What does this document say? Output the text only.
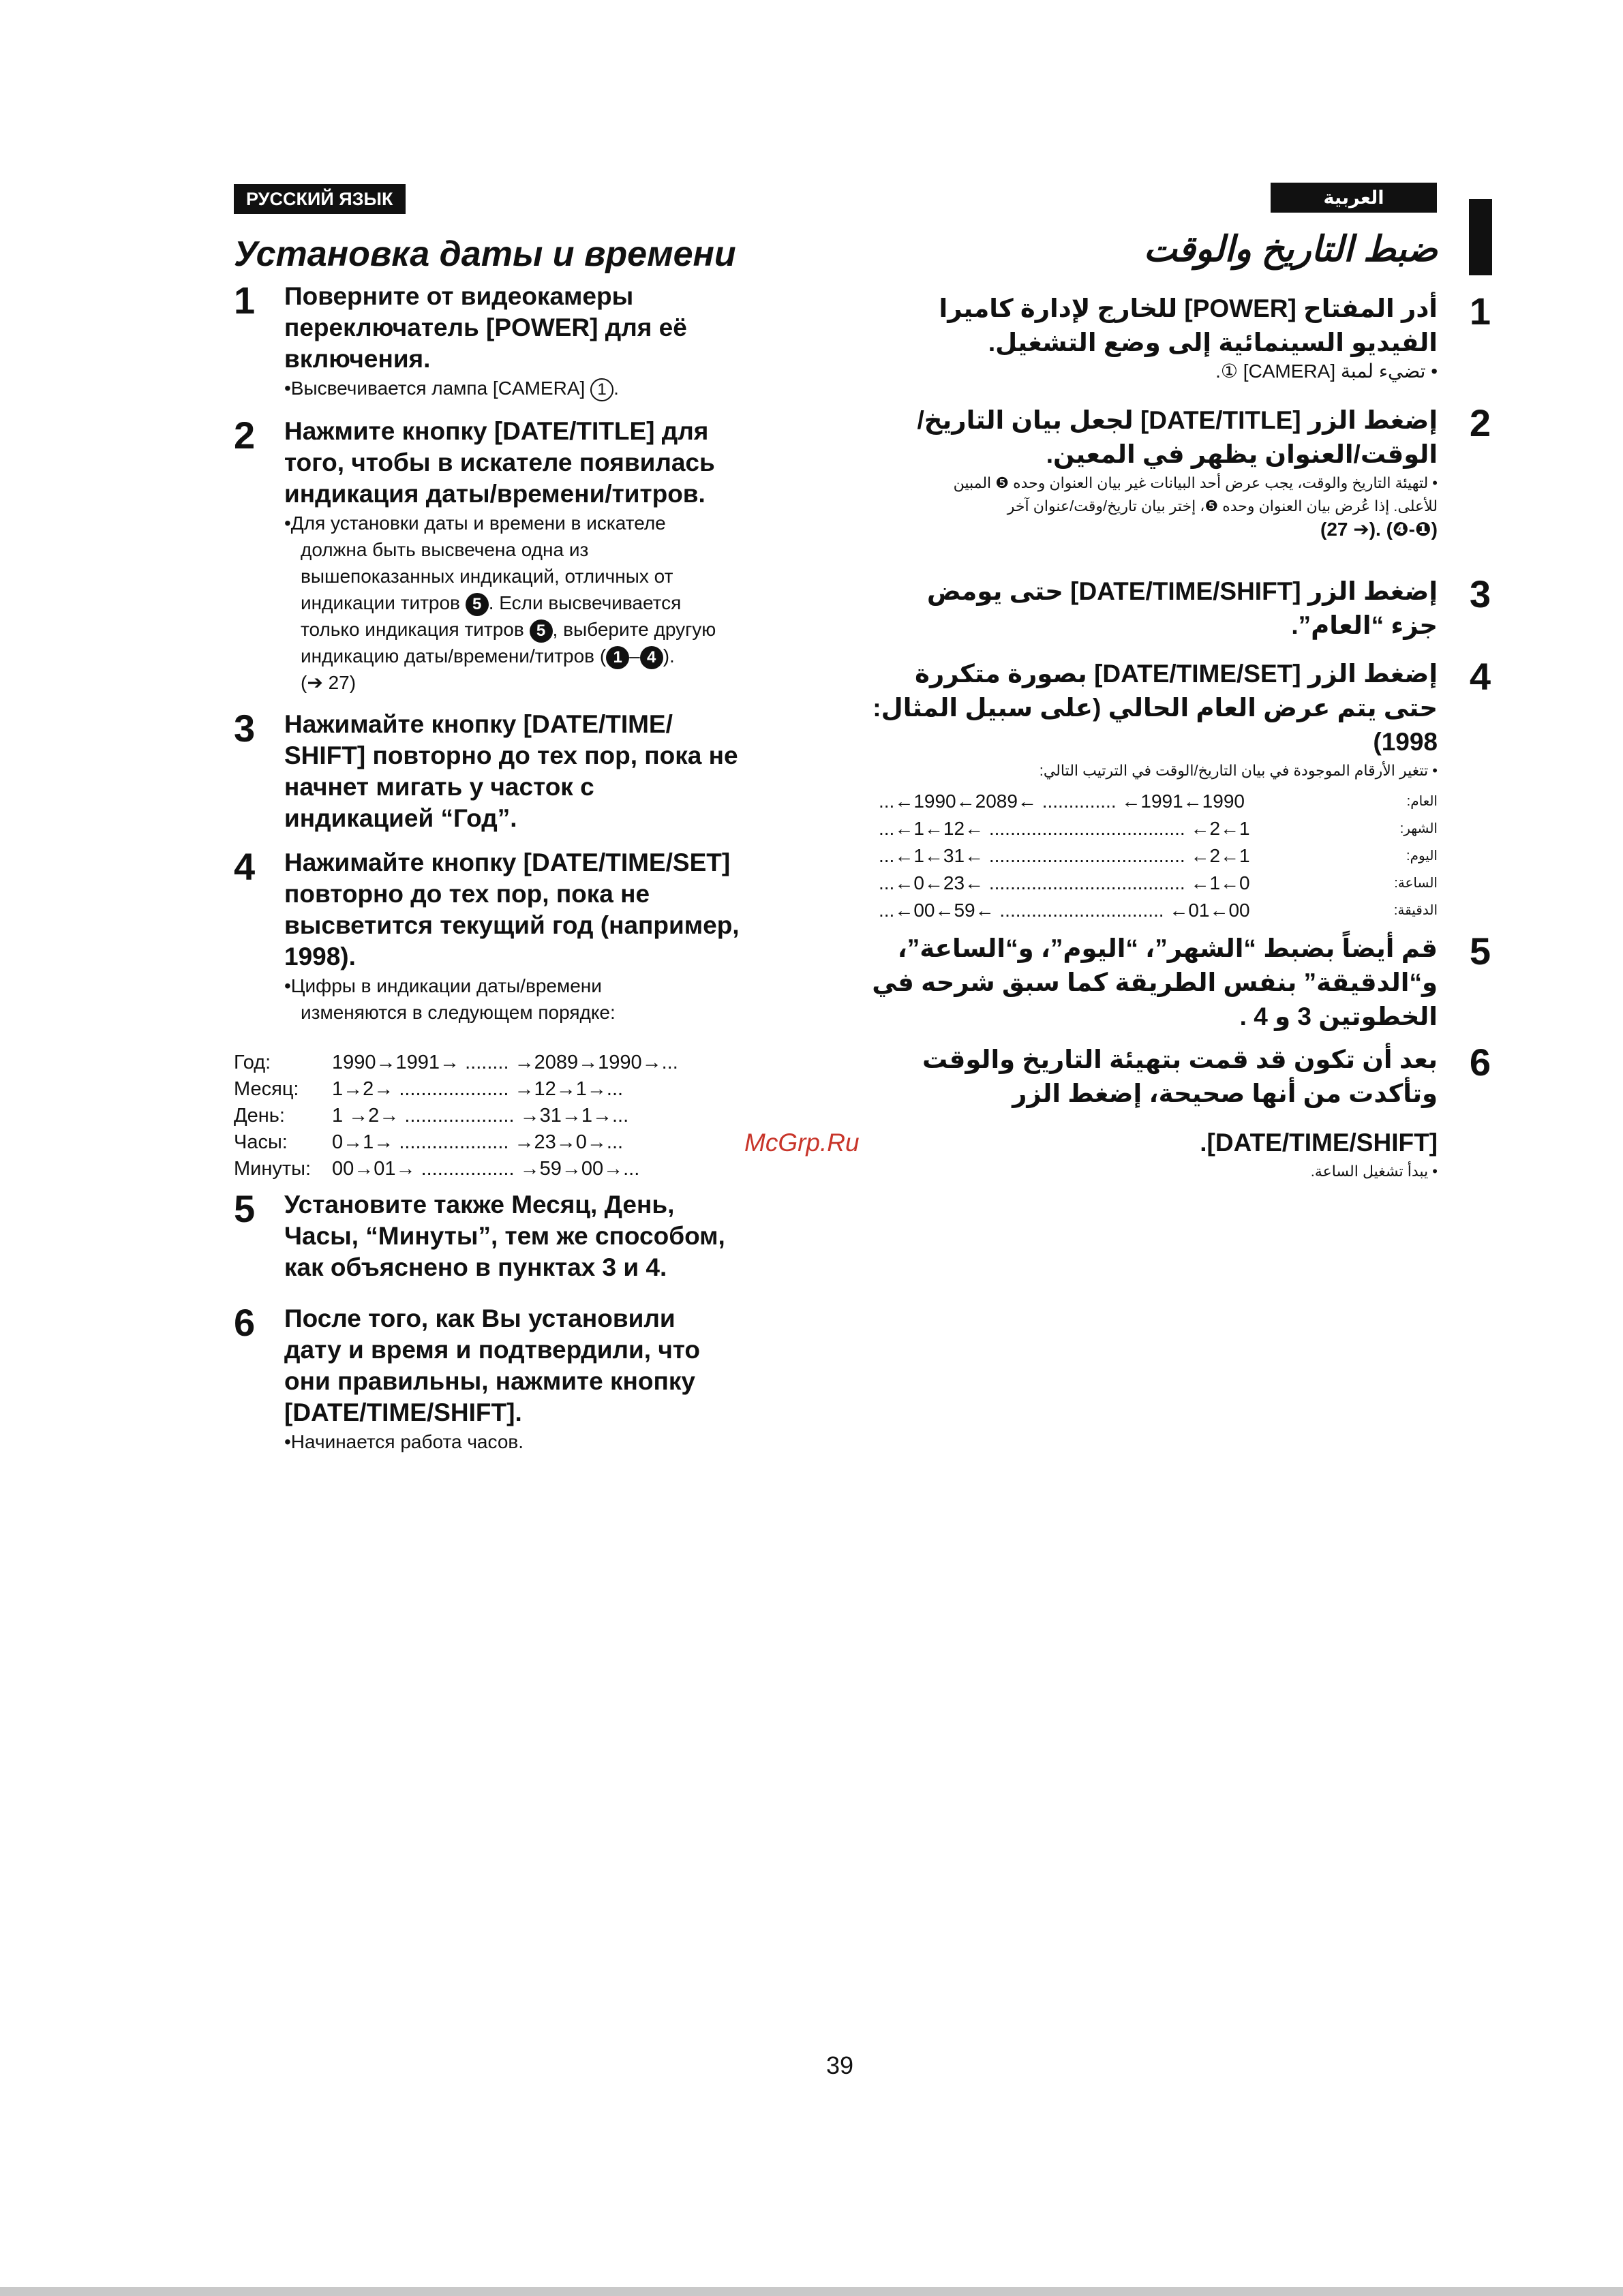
РУССКИЙ ЯЗЫК	العربية
Установка даты и времени	ضبط التاريخ والوقت
1 Поверните от видеокамеры
переключатель [POWER] для её
включения.
•Высвечивается лампа [CAMERA] 1 .
2 Нажмите кнопку [DATE/TITLE] для
того, чтобы в искателе появилась
индикация даты/времени/титров.
•Для установки даты и времени в искателе
должна быть высвечена одна из
вышепоказанных индикаций, отличных от
индикации титров 5 . Если высвечивается
только индикация титров 5 , выберите другую
индикацию даты/времени/титров ( 1 – 4 ).
(➔ 27)
3 Нажимайте кнопку [DATE/TIME/
SHIFT] повторно до тех пор, пока не
начнет мигать у часток с
индикацией “Год”.
4 Нажимайте кнопку [DATE/TIME/SET]
повторно до тех пор, пока не
высветится текущий год (например,
1998).
•Цифры в индикации даты/времени
изменяются в следующем порядке:
Год:	1990→1991→ ........ →2089→1990→...
Месяц:	1→2→ .................... →12→1→...
День:	1 →2→ .................... →31→1→...
Часы:	0→1→ .................... →23→0→...
Минуты:	00→01→ ................. →59→00→...
5 Установите также Месяц, День,
Часы, “Минуты”, тем же способом,
как объяснено в пунктах 3 и 4.
6 После того, как Вы установили
дату и время и подтвердили, что
они правильны, нажмите кнопку
[DATE/TIME/SHIFT].
•Начинается работа часов.
1
أدر المفتاح [POWER] للخارج لإدارة كاميرا
الفيديو السينمائية إلى وضع التشغيل.
• تضيء لمبة [CAMERA] ①.
2
إضغط الزر [DATE/TITLE] لجعل بيان التاريخ/
الوقت/العنوان يظهر في المعين.
• لتهيئة التاريخ والوقت، يجب عرض أحد البيانات غير بيان العنوان وحده ❺ المبين
للأعلى. إذا عُرض بيان العنوان وحده ❺، إختر بيان تاريخ/وقت/عنوان آخر
(❶-❹) .(➔ 27)
3
إضغط الزر [DATE/TIME/SHIFT] حتى يومض
جزء “العام”.
4
إضغط الزر [DATE/TIME/SET] بصورة متكررة
حتى يتم عرض العام الحالي (على سبيل المثال:
1998)
• تتغير الأرقام الموجودة في بيان التاريخ/الوقت في الترتيب التالي:
العام:
...←1990←2089← .............. ←1991←1990
الشهر:
...←1←12← ..................................... ←2←1
اليوم:
...←1←31← ..................................... ←2←1
الساعة:
...←0←23← ..................................... ←1←0
الدقيقة:
...←00←59← ............................... ←01←00
5
قم أيضاً بضبط “الشهر”، “اليوم”، و“الساعة”،
و“الدقيقة” بنفس الطريقة كما سبق شرحه في
الخطوتين 3 و 4 .
6
بعد أن تكون قد قمت بتهيئة التاريخ والوقت
وتأكدت من أنها صحيحة، إضغط الزر
[DATE/TIME/SHIFT].
• يبدأ تشغيل الساعة.
McGrp.Ru
39
